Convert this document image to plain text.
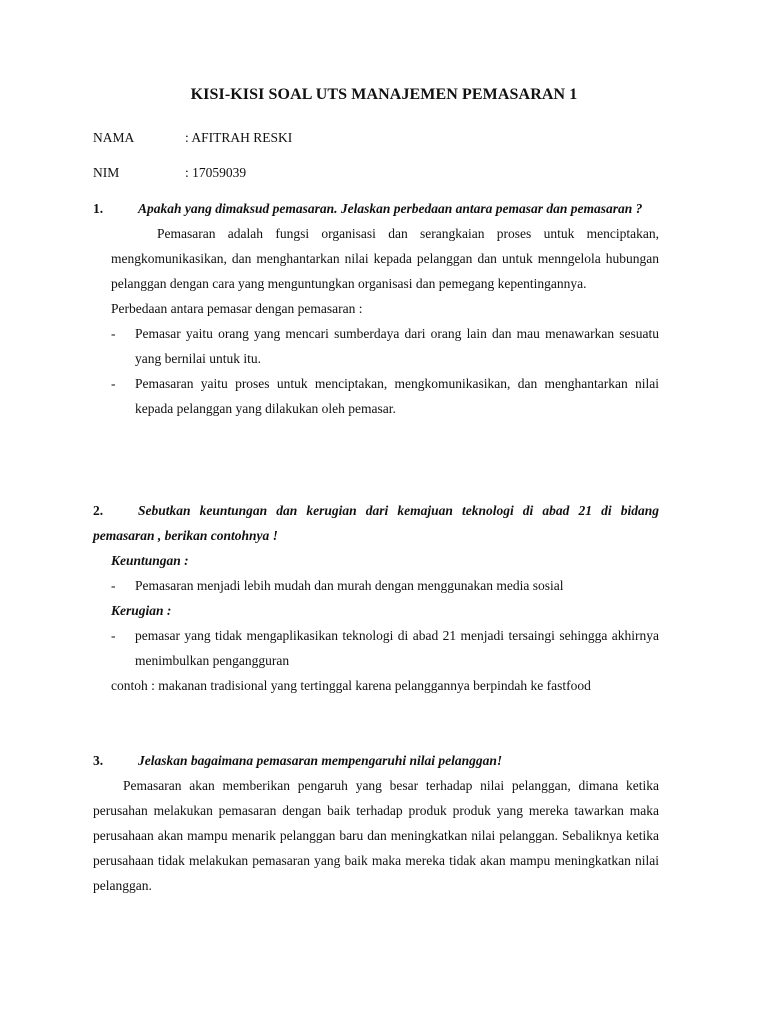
KISI-KISI SOAL UTS MANAJEMEN PEMASARAN 1
NAMA	: AFITRAH RESKI
NIM	: 17059039
1.	Apakah yang dimaksud pemasaran. Jelaskan perbedaan antara pemasar dan pemasaran ?
Pemasaran adalah fungsi organisasi dan serangkaian proses untuk menciptakan, mengkomunikasikan, dan menghantarkan nilai kepada pelanggan dan untuk menngelola hubungan pelanggan dengan cara yang menguntungkan organisasi dan pemegang kepentingannya.
Perbedaan antara pemasar dengan pemasaran :
-	Pemasar yaitu orang yang mencari sumberdaya dari orang lain dan mau menawarkan sesuatu yang bernilai untuk itu.
-	Pemasaran yaitu proses untuk menciptakan, mengkomunikasikan, dan menghantarkan nilai kepada pelanggan yang dilakukan oleh pemasar.
2.	Sebutkan keuntungan dan kerugian dari kemajuan teknologi di abad 21 di bidang pemasaran , berikan contohnya !
Keuntungan :
-	Pemasaran menjadi lebih mudah dan murah dengan menggunakan media sosial
Kerugian :
-	pemasar yang tidak mengaplikasikan teknologi di abad 21 menjadi tersaingi sehingga akhirnya menimbulkan pengangguran
contoh : makanan tradisional yang tertinggal karena pelanggannya berpindah ke fastfood
3.	Jelaskan bagaimana pemasaran mempengaruhi nilai pelanggan!
Pemasaran akan memberikan pengaruh yang besar terhadap nilai pelanggan, dimana ketika perusahan melakukan pemasaran dengan baik terhadap produk produk yang mereka tawarkan maka perusahaan akan mampu menarik pelanggan baru dan meningkatkan nilai pelanggan. Sebaliknya ketika perusahaan tidak melakukan pemasaran yang baik maka mereka tidak akan mampu meningkatkan nilai pelanggan.
